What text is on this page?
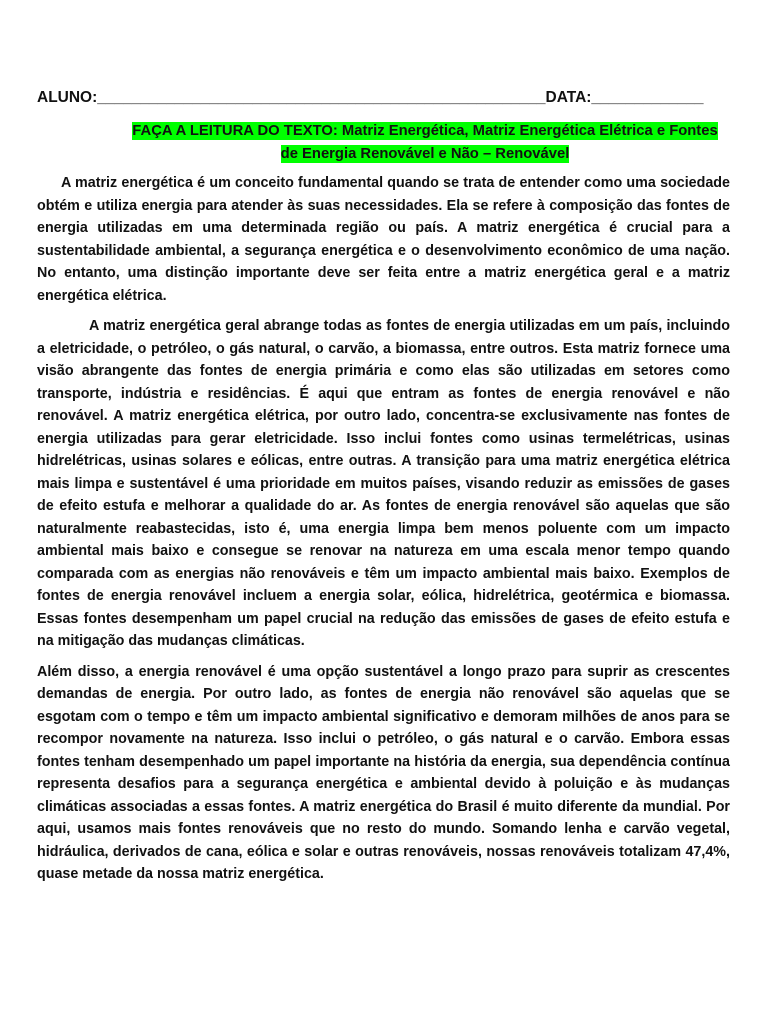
ALUNO:____________________________________________________DATA:_____________
FAÇA A LEITURA DO TEXTO: Matriz Energética, Matriz Energética Elétrica e Fontes
de Energia Renovável e Não – Renovável

A matriz energética é um conceito fundamental quando se trata de entender como uma sociedade obtém e utiliza energia para atender às suas necessidades. Ela se refere à composição das fontes de energia utilizadas em uma determinada região ou país. A matriz energética é crucial para a sustentabilidade ambiental, a segurança energética e o desenvolvimento econômico de uma nação. No entanto, uma distinção importante deve ser feita entre a matriz energética geral e a matriz energética elétrica.

A matriz energética geral abrange todas as fontes de energia utilizadas em um país, incluindo a eletricidade, o petróleo, o gás natural, o carvão, a biomassa, entre outros. Esta matriz fornece uma visão abrangente das fontes de energia primária e como elas são utilizadas em setores como transporte, indústria e residências. É aqui que entram as fontes de energia renovável e não renovável. A matriz energética elétrica, por outro lado, concentra-se exclusivamente nas fontes de energia utilizadas para gerar eletricidade. Isso inclui fontes como usinas termelétricas, usinas hidrelétricas, usinas solares e eólicas, entre outras. A transição para uma matriz energética elétrica mais limpa e sustentável é uma prioridade em muitos países, visando reduzir as emissões de gases de efeito estufa e melhorar a qualidade do ar. As fontes de energia renovável são aquelas que são naturalmente reabastecidas, isto é, uma energia limpa bem menos poluente com um impacto ambiental mais baixo e consegue se renovar na natureza em uma escala menor tempo quando comparada com as energias não renováveis e têm um impacto ambiental mais baixo. Exemplos de fontes de energia renovável incluem a energia solar, eólica, hidrelétrica, geotérmica e biomassa. Essas fontes desempenham um papel crucial na redução das emissões de gases de efeito estufa e na mitigação das mudanças climáticas.

Além disso, a energia renovável é uma opção sustentável a longo prazo para suprir as crescentes demandas de energia. Por outro lado, as fontes de energia não renovável são aquelas que se esgotam com o tempo e têm um impacto ambiental significativo e demoram milhões de anos para se recompor novamente na natureza. Isso inclui o petróleo, o gás natural e o carvão. Embora essas fontes tenham desempenhado um papel importante na história da energia, sua dependência contínua representa desafios para a segurança energética e ambiental devido à poluição e às mudanças climáticas associadas a essas fontes. A matriz energética do Brasil é muito diferente da mundial. Por aqui, usamos mais fontes renováveis que no resto do mundo. Somando lenha e carvão vegetal, hidráulica, derivados de cana, eólica e solar e outras renováveis, nossas renováveis totalizam 47,4%, quase metade da nossa matriz energética.
